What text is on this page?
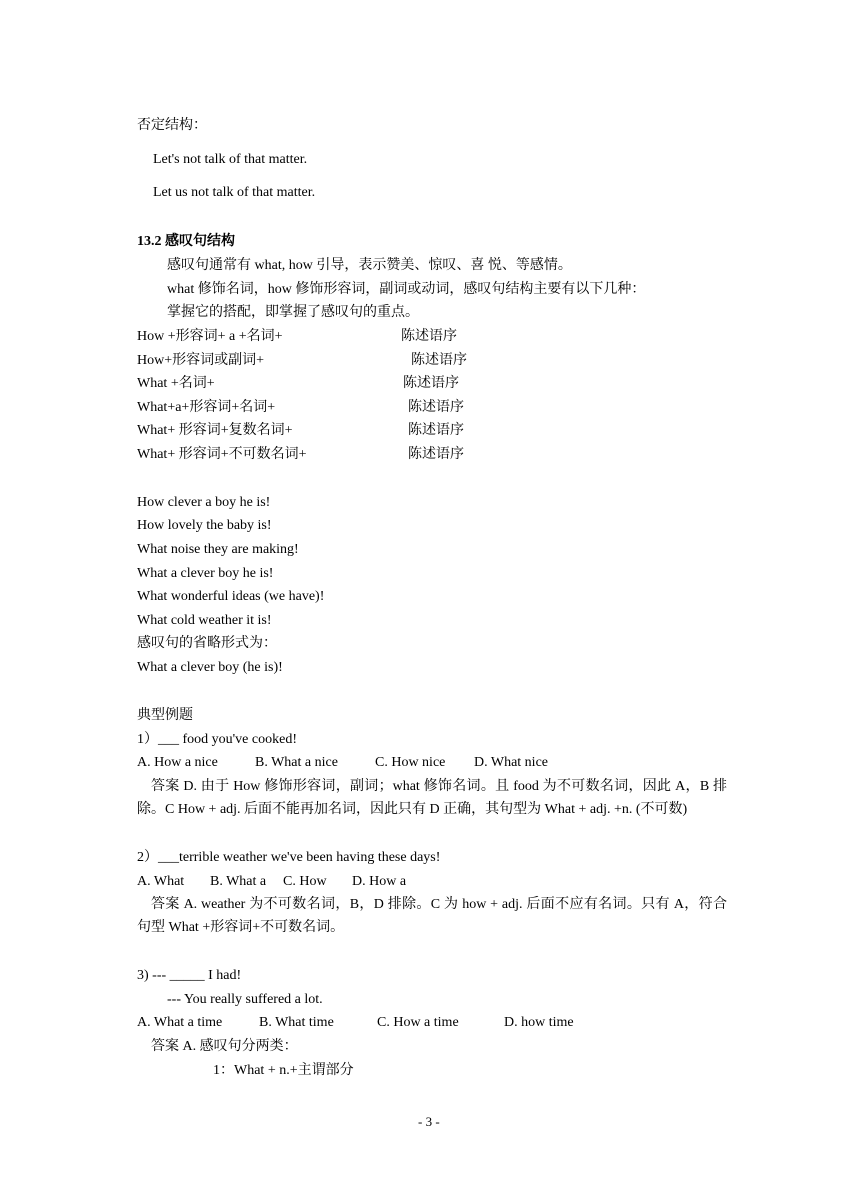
否定结构：
Let's not talk of that matter.
Let us not talk of that matter.
13.2 感叹句结构
感叹句通常有 what, how 引导，表示赞美、惊叹、喜 悦、等感情。
what 修饰名词，how 修饰形容词，副词或动词，感叹句结构主要有以下几种：
掌握它的搭配，即掌握了感叹句的重点。
How +形容词+ a +名词+	陈述语序
How+形容词或副词+	陈述语序
What +名词+	陈述语序
What+a+形容词+名词+	陈述语序
What+ 形容词+复数名词+	陈述语序
What+ 形容词+不可数名词+	陈述语序
How clever a boy he is!
How lovely the baby is!
What noise they are making!
What a clever boy he is!
What wonderful ideas (we have)!
What cold weather it is!
感叹句的省略形式为：
What a clever boy (he is)!
典型例题
1）___ food you've cooked!
A. How a nice	B. What a nice	C. How nice D. What nice
答案 D. 由于 How 修饰形容词，副词；what 修饰名词。且 food 为不可数名词，因此 A，B 排除。C How + adj. 后面不能再加名词，因此只有 D 正确，其句型为 What + adj. +n. (不可数)
2）___terrible weather we've been having these days!
A. What B. What a C. How D. How a
答案 A. weather 为不可数名词，B，D 排除。C 为 how + adj. 后面不应有名词。只有 A，符合句型 What +形容词+不可数名词。
3) --- _____ I had!
--- You really suffered a lot.
A. What a time	B. What time	C. How a time	D. how time
答案 A. 感叹句分两类：
1：What + n.+主谓部分
- 3 -
